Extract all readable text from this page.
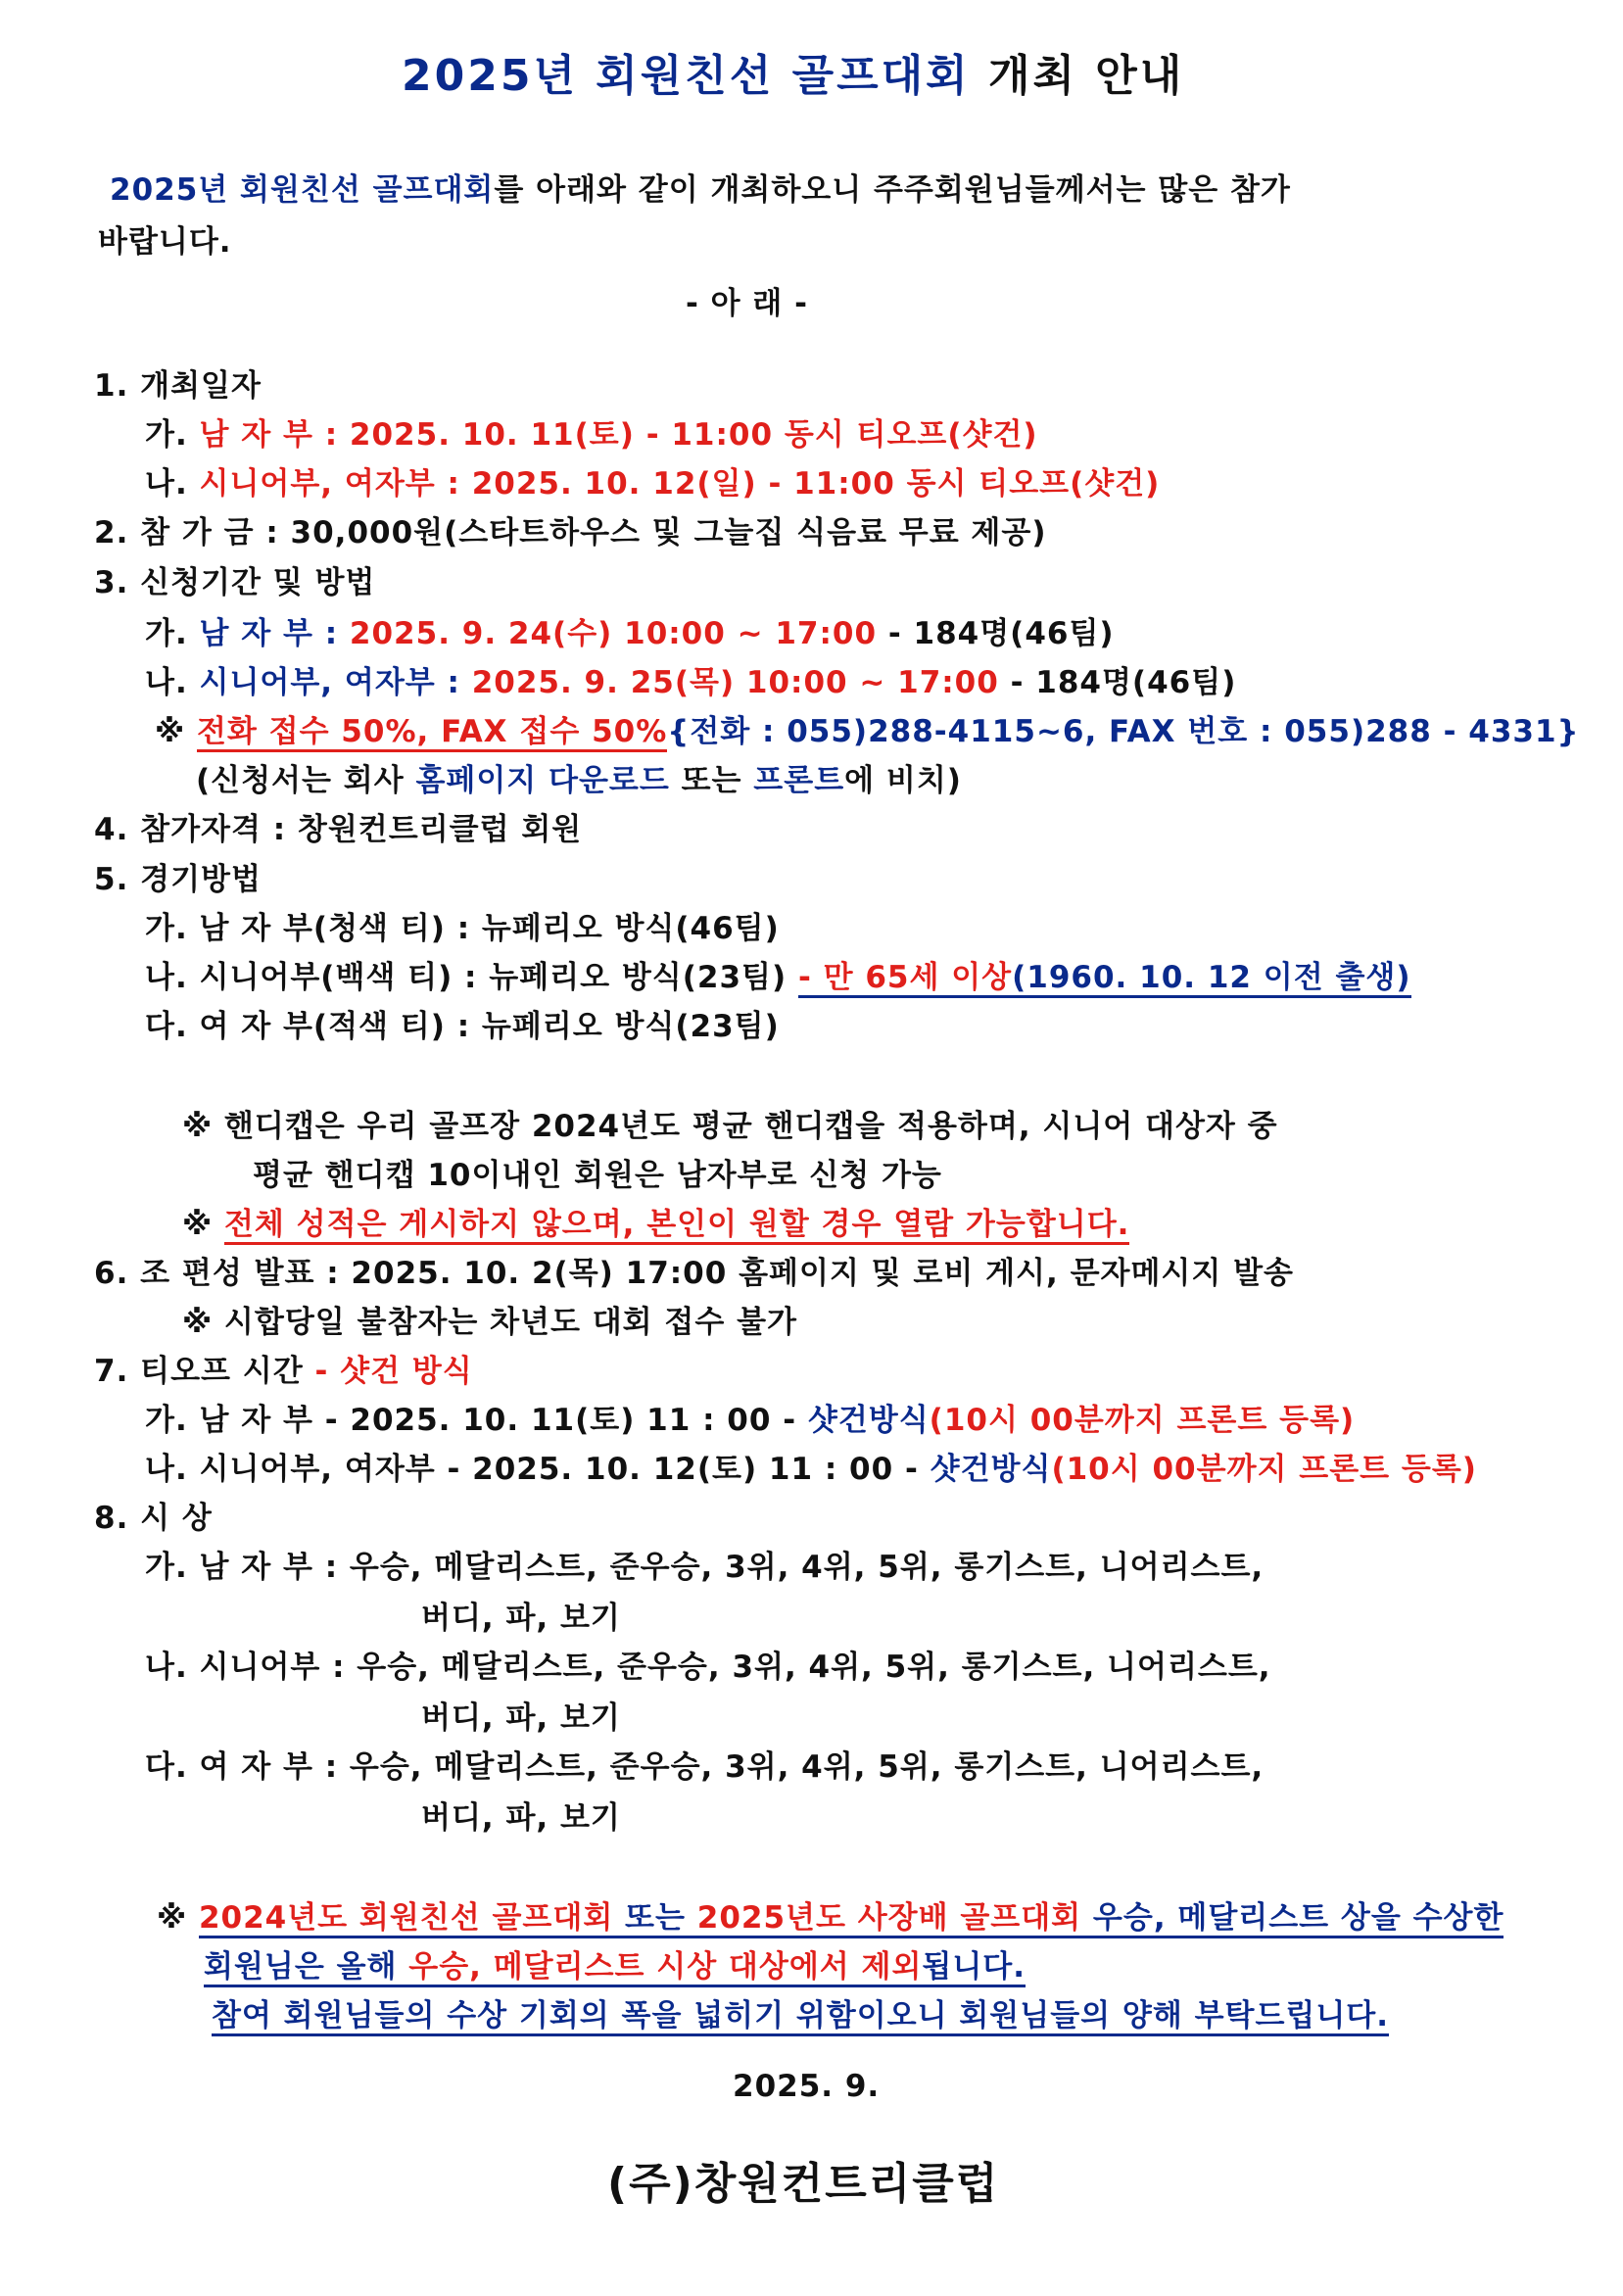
2025년 회원친선 골프대회 개최 안내
2025년 회원친선 골프대회를 아래와 같이 개최하오니 주주회원님들께서는 많은 참가
바랍니다.
- 아 래 -
1. 개최일자
가. 남 자 부 : 2025. 10. 11(토) - 11:00 동시 티오프(샷건)
나. 시니어부, 여자부 : 2025. 10. 12(일) - 11:00 동시 티오프(샷건)
2. 참 가 금 : 30,000원(스타트하우스 및 그늘집 식음료 무료 제공)
3. 신청기간 및 방법
가. 남 자 부 : 2025. 9. 24(수) 10:00 ~ 17:00 - 184명(46팀)
나. 시니어부, 여자부 : 2025. 9. 25(목) 10:00 ~ 17:00 - 184명(46팀)
※ 전화 접수 50%, FAX 접수 50%{전화 : 055)288-4115~6, FAX 번호 : 055)288 - 4331}
(신청서는 회사 홈페이지 다운로드 또는 프론트에 비치)
4. 참가자격 : 창원컨트리클럽 회원
5. 경기방법
가. 남 자 부(청색 티) : 뉴페리오 방식(46팀)
나. 시니어부(백색 티) : 뉴페리오 방식(23팀) - 만 65세 이상(1960. 10. 12 이전 출생)
다. 여 자 부(적색 티) : 뉴페리오 방식(23팀)
※ 핸디캡은 우리 골프장 2024년도 평균 핸디캡을 적용하며, 시니어 대상자 중
평균 핸디캡 10이내인 회원은 남자부로 신청 가능
※ 전체 성적은 게시하지 않으며, 본인이 원할 경우 열람 가능합니다.
6. 조 편성 발표 : 2025. 10. 2(목) 17:00 홈페이지 및 로비 게시, 문자메시지 발송
※ 시합당일 불참자는 차년도 대회 접수 불가
7. 티오프 시간 - 샷건 방식
가. 남 자 부 - 2025. 10. 11(토) 11 : 00 - 샷건방식(10시 00분까지 프론트 등록)
나. 시니어부, 여자부 - 2025. 10. 12(토) 11 : 00 - 샷건방식(10시 00분까지 프론트 등록)
8. 시 상
가. 남 자 부 : 우승, 메달리스트, 준우승, 3위, 4위, 5위, 롱기스트, 니어리스트,
버디, 파, 보기
나. 시니어부 : 우승, 메달리스트, 준우승, 3위, 4위, 5위, 롱기스트, 니어리스트,
버디, 파, 보기
다. 여 자 부 : 우승, 메달리스트, 준우승, 3위, 4위, 5위, 롱기스트, 니어리스트,
버디, 파, 보기
※ 2024년도 회원친선 골프대회 또는 2025년도 사장배 골프대회 우승, 메달리스트 상을 수상한
회원님은 올해 우승, 메달리스트 시상 대상에서 제외됩니다.
참여 회원님들의 수상 기회의 폭을 넓히기 위함이오니 회원님들의 양해 부탁드립니다.
2025. 9.
(주)창원컨트리클럽
